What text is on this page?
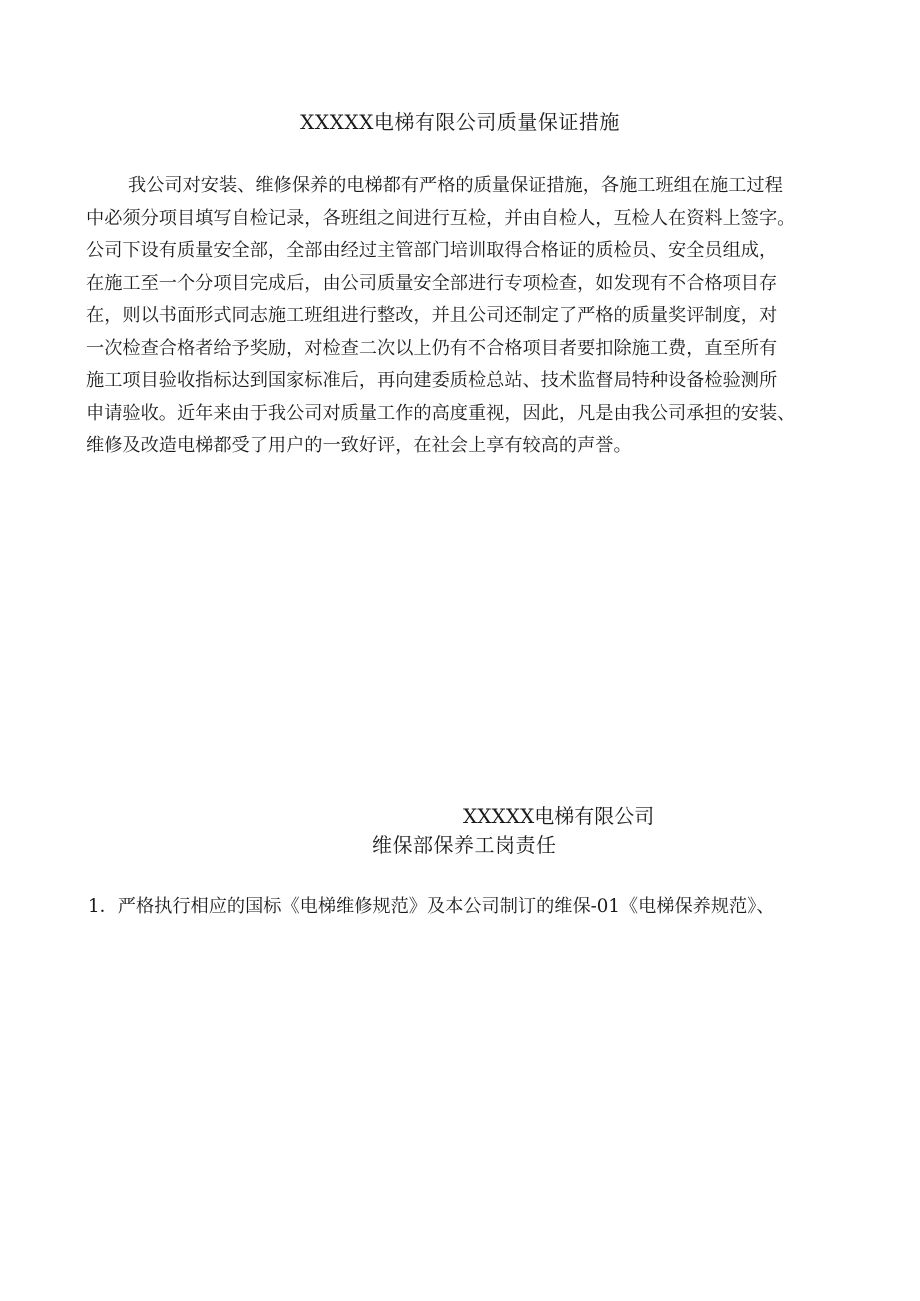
XXXXX电梯有限公司质量保证措施
我公司对安装、维修保养的电梯都有严格的质量保证措施，各施工班组在施工过程
中必须分项目填写自检记录，各班组之间进行互检，并由自检人，互检人在资料上签字。
公司下设有质量安全部，全部由经过主管部门培训取得合格证的质检员、安全员组成，
在施工至一个分项目完成后，由公司质量安全部进行专项检查，如发现有不合格项目存
在，则以书面形式同志施工班组进行整改，并且公司还制定了严格的质量奖评制度，对
一次检查合格者给予奖励，对检查二次以上仍有不合格项目者要扣除施工费，直至所有
施工项目验收指标达到国家标准后，再向建委质检总站、技术监督局特种设备检验测所
申请验收。近年来由于我公司对质量工作的高度重视，因此，凡是由我公司承担的安装、
维修及改造电梯都受了用户的一致好评，在社会上享有较高的声誉。
XXXXX电梯有限公司
维保部保养工岗责任
1．严格执行相应的国标《电梯维修规范》及本公司制订的维保-01《电梯保养规范》、
